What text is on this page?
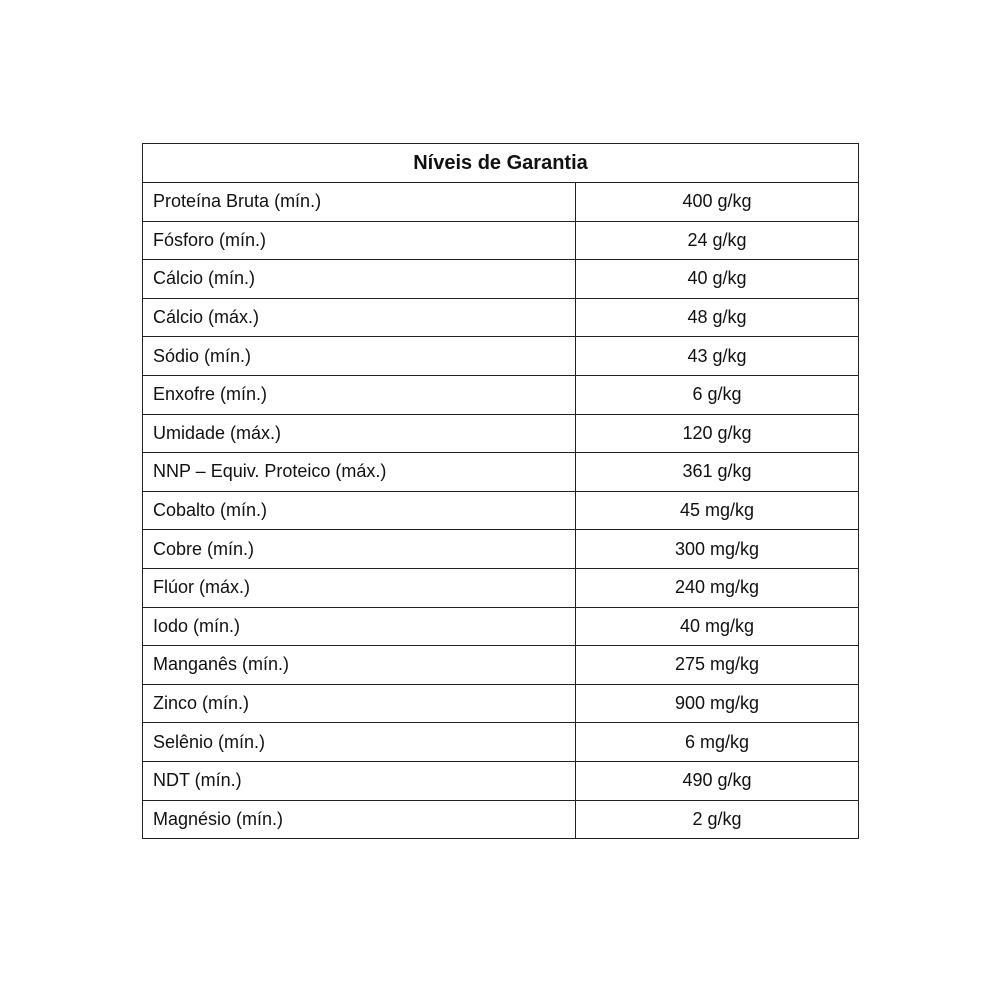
Níveis de Garantia	
Proteína Bruta (mín.)	400 g/kg
Fósforo (mín.)	24 g/kg
Cálcio (mín.)	40 g/kg
Cálcio (máx.)	48 g/kg
Sódio (mín.)	43 g/kg
Enxofre (mín.)	6 g/kg
Umidade (máx.)	120 g/kg
NNP – Equiv. Proteico (máx.)	361 g/kg
Cobalto (mín.)	45 mg/kg
Cobre (mín.)	300 mg/kg
Flúor (máx.)	240 mg/kg
Iodo (mín.)	40 mg/kg
Manganês (mín.)	275 mg/kg
Zinco (mín.)	900 mg/kg
Selênio (mín.)	6 mg/kg
NDT (mín.)	490 g/kg
Magnésio (mín.)	2 g/kg
